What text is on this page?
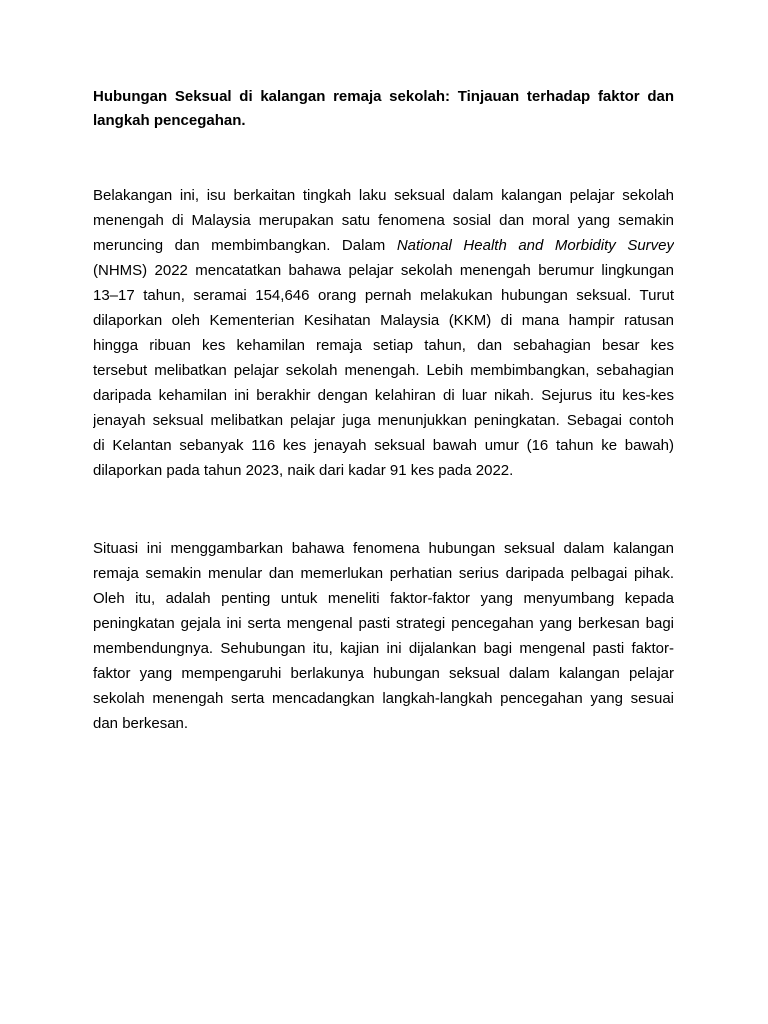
Hubungan Seksual di kalangan remaja sekolah: Tinjauan terhadap faktor dan
langkah pencegahan.
Belakangan ini, isu berkaitan tingkah laku seksual dalam kalangan pelajar sekolah
menengah di Malaysia merupakan satu fenomena sosial dan moral yang semakin
meruncing dan membimbangkan. Dalam National Health and Morbidity Survey
(NHMS) 2022 mencatatkan bahawa pelajar sekolah menengah berumur lingkungan
13–17 tahun, seramai 154,646 orang pernah melakukan hubungan seksual. Turut
dilaporkan oleh Kementerian Kesihatan Malaysia (KKM) di mana hampir ratusan
hingga ribuan kes kehamilan remaja setiap tahun, dan sebahagian besar kes
tersebut melibatkan pelajar sekolah menengah. Lebih membimbangkan, sebahagian
daripada kehamilan ini berakhir dengan kelahiran di luar nikah. Sejurus itu kes-kes
jenayah seksual melibatkan pelajar juga menunjukkan peningkatan. Sebagai contoh
di Kelantan sebanyak 116 kes jenayah seksual bawah umur (16 tahun ke bawah)
dilaporkan pada tahun 2023, naik dari kadar 91 kes pada 2022.
Situasi ini menggambarkan bahawa fenomena hubungan seksual dalam kalangan
remaja semakin menular dan memerlukan perhatian serius daripada pelbagai pihak.
Oleh itu, adalah penting untuk meneliti faktor-faktor yang menyumbang kepada
peningkatan gejala ini serta mengenal pasti strategi pencegahan yang berkesan bagi
membendungnya. Sehubungan itu, kajian ini dijalankan bagi mengenal pasti faktor-
faktor yang mempengaruhi berlakunya hubungan seksual dalam kalangan pelajar
sekolah menengah serta mencadangkan langkah-langkah pencegahan yang sesuai
dan berkesan.
